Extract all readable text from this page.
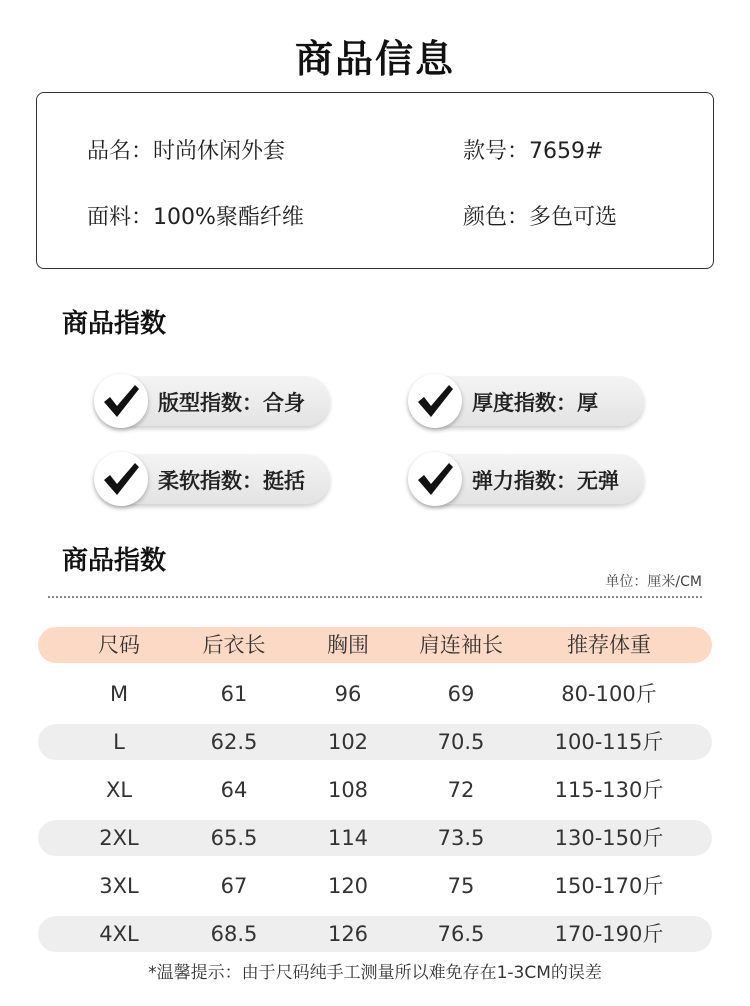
商品信息
品名：时尚休闲外套	款号：7659#
面料：100%聚酯纤维	颜色：多色可选
商品指数
版型指数：合身	厚度指数：厚
柔软指数：挺括	弹力指数：无弹
商品指数
单位：厘米/CM
尺码	后衣长	胸围	肩连袖长	推荐体重
M	61	96	69	80-100斤
L	62.5	102	70.5	100-115斤
XL	64	108	72	115-130斤
2XL	65.5	114	73.5	130-150斤
3XL	67	120	75	150-170斤
4XL	68.5	126	76.5	170-190斤
*温馨提示：由于尺码纯手工测量所以难免存在1-3CM的误差
